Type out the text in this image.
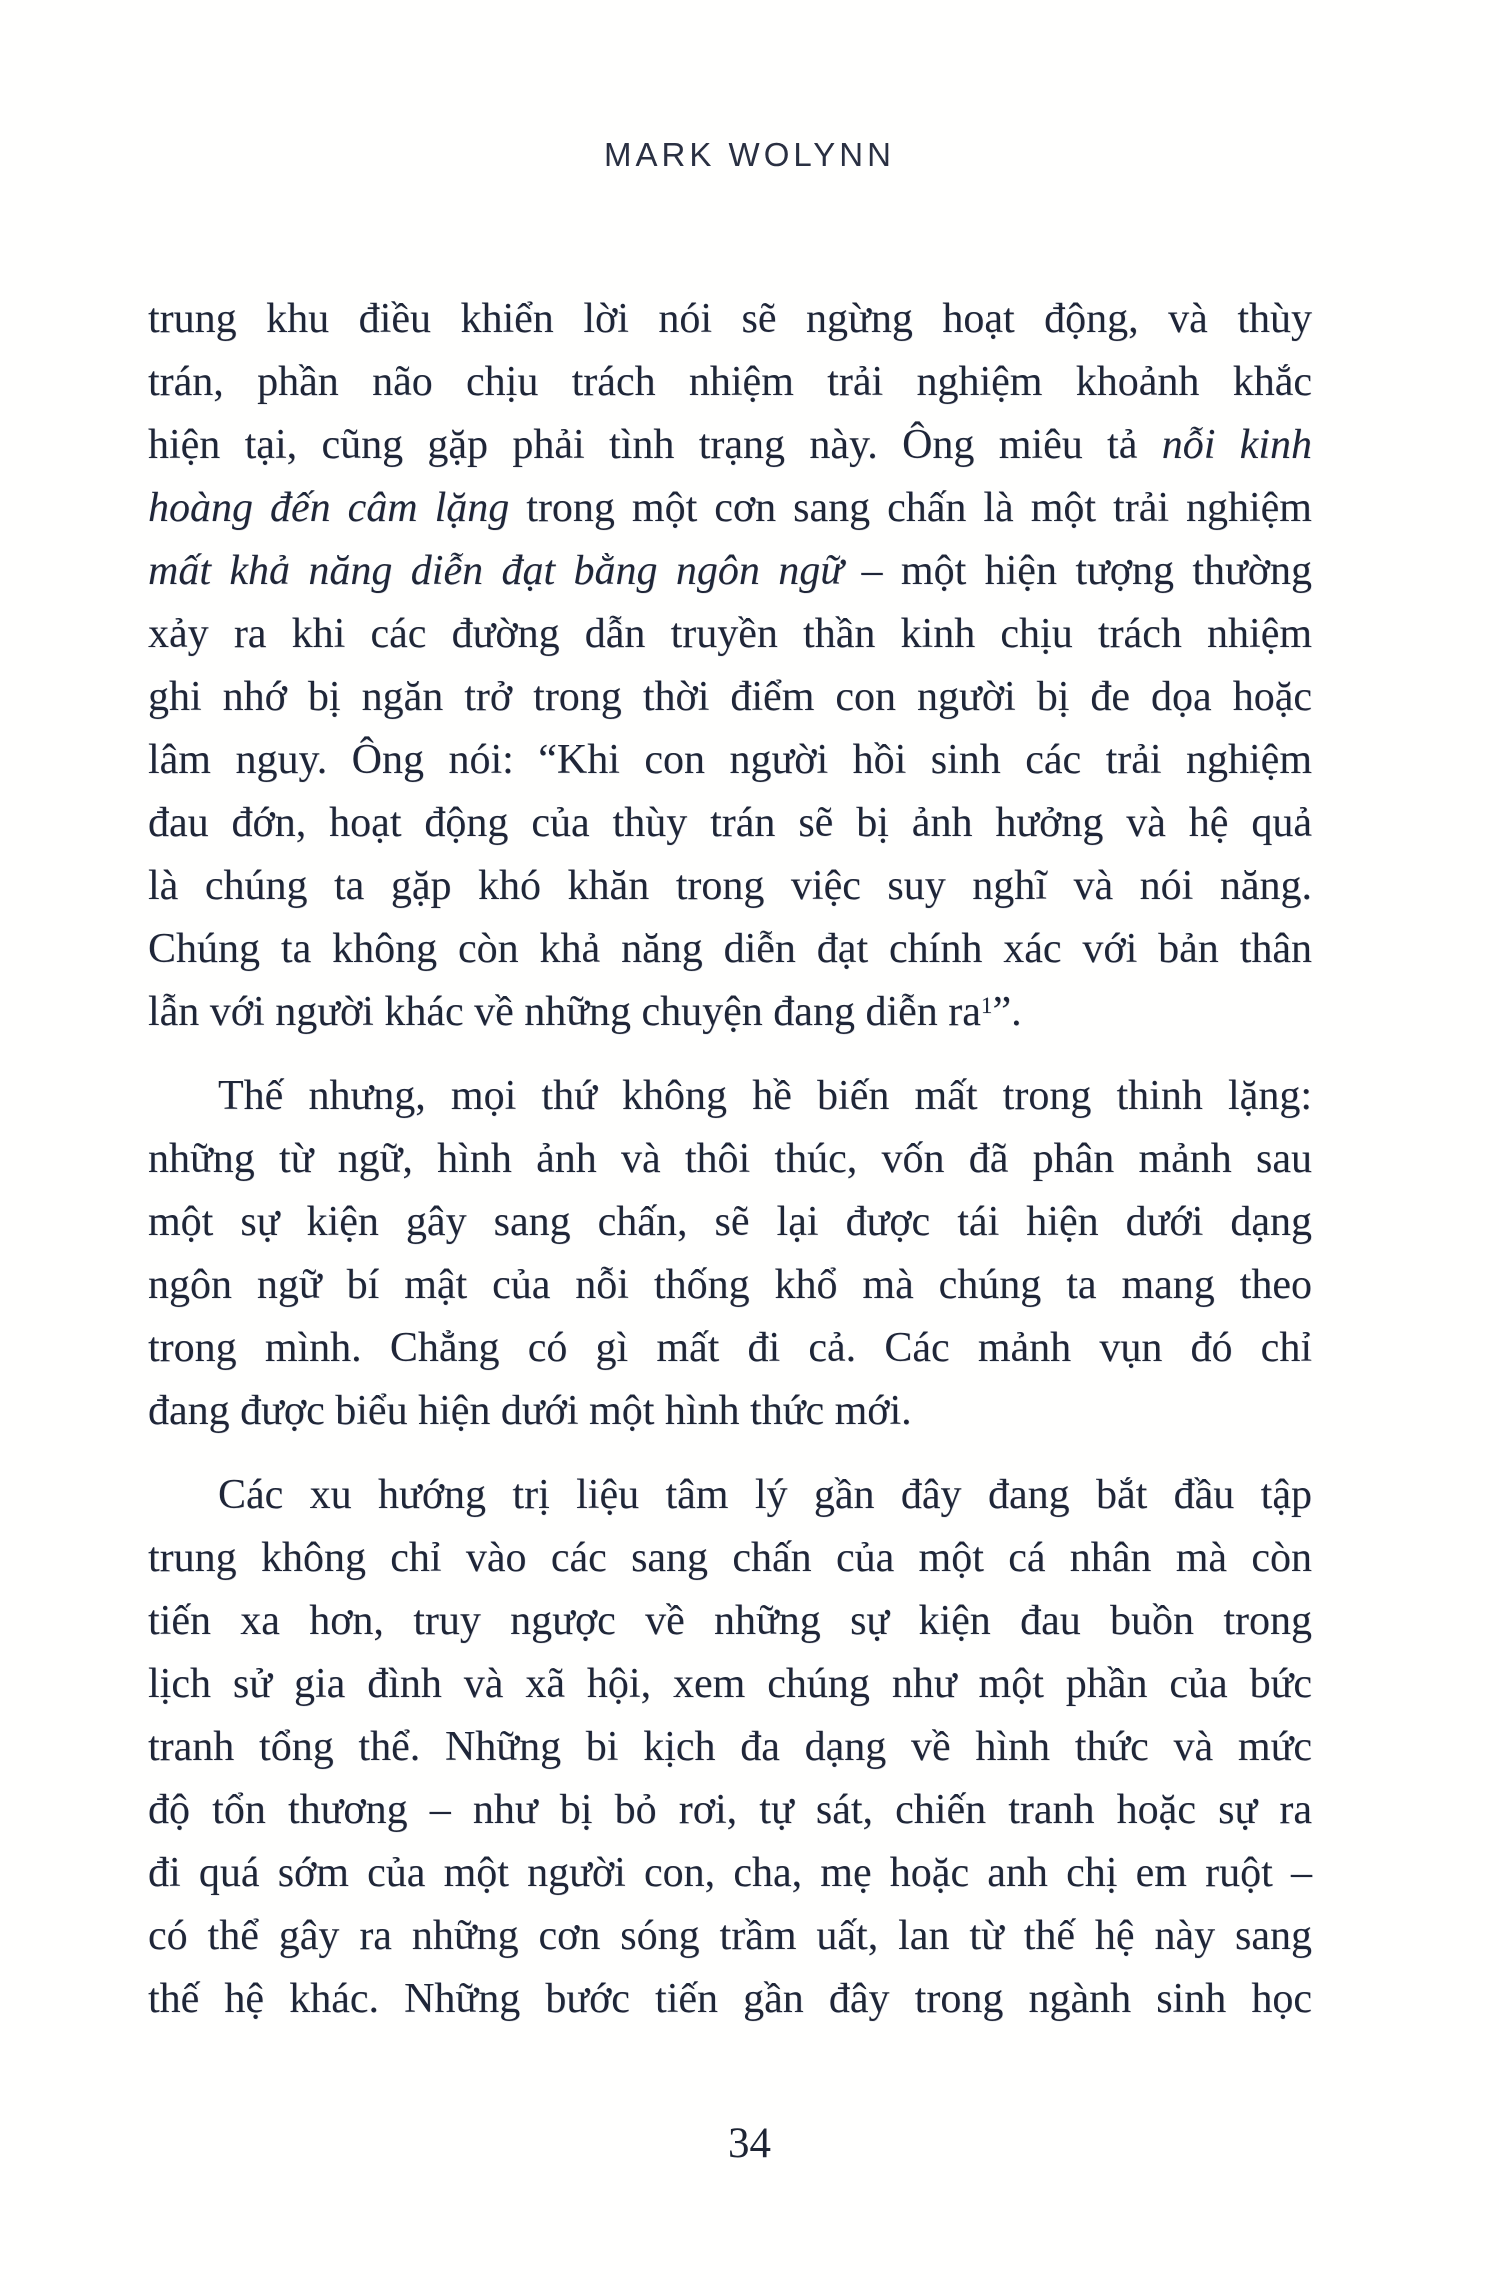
MARK WOLYNN
trung khu điều khiển lời nói sẽ ngừng hoạt động, và thùy
trán, phần não chịu trách nhiệm trải nghiệm khoảnh khắc
hiện tại, cũng gặp phải tình trạng này. Ông miêu tả nỗi kinh
hoàng đến câm lặng trong một cơn sang chấn là một trải nghiệm
mất khả năng diễn đạt bằng ngôn ngữ – một hiện tượng thường
xảy ra khi các đường dẫn truyền thần kinh chịu trách nhiệm
ghi nhớ bị ngăn trở trong thời điểm con người bị đe dọa hoặc
lâm nguy. Ông nói: “Khi con người hồi sinh các trải nghiệm
đau đớn, hoạt động của thùy trán sẽ bị ảnh hưởng và hệ quả
là chúng ta gặp khó khăn trong việc suy nghĩ và nói năng.
Chúng ta không còn khả năng diễn đạt chính xác với bản thân
lẫn với người khác về những chuyện đang diễn $ra^1$”.
Thế nhưng, mọi thứ không hề biến mất trong thinh lặng:
những từ ngữ, hình ảnh và thôi thúc, vốn đã phân mảnh sau
một sự kiện gây sang chấn, sẽ lại được tái hiện dưới dạng
ngôn ngữ bí mật của nỗi thống khổ mà chúng ta mang theo
trong mình. Chẳng có gì mất đi cả. Các mảnh vụn đó chỉ
đang được biểu hiện dưới một hình thức mới.
Các xu hướng trị liệu tâm lý gần đây đang bắt đầu tập
trung không chỉ vào các sang chấn của một cá nhân mà còn
tiến xa hơn, truy ngược về những sự kiện đau buồn trong
lịch sử gia đình và xã hội, xem chúng như một phần của bức
tranh tổng thể. Những bi kịch đa dạng về hình thức và mức
độ tổn thương – như bị bỏ rơi, tự sát, chiến tranh hoặc sự ra
đi quá sớm của một người con, cha, mẹ hoặc anh chị em ruột –
có thể gây ra những cơn sóng trầm uất, lan từ thế hệ này sang
thế hệ khác. Những bước tiến gần đây trong ngành sinh học
34
